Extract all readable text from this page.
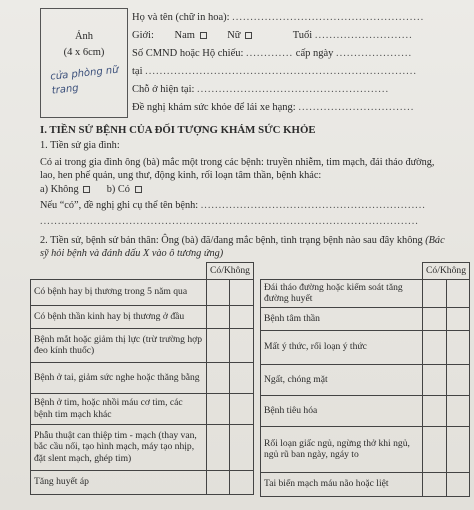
Ảnh
(4 x 6cm)
cửa phòng nữ trang
Họ và tên (chữ in hoa): .....................................................
Giới: Nam	Nữ	Tuổi ...........................
Số CMND hoặc Hộ chiếu: ............. cấp ngày .....................
tại ...........................................................................
Chỗ ở hiện tại: .....................................................
Đề nghị khám sức khỏe để lái xe hạng: ................................
I. TIỀN SỬ BỆNH CỦA ĐỐI TƯỢNG KHÁM SỨC KHỎE
1. Tiền sử gia đình:
Có ai trong gia đình ông (bà) mắc một trong các bệnh: truyền nhiễm, tim mạch, đái tháo đường, lao, hen phế quản, ung thư, động kinh, rối loạn tâm thần, bệnh khác:
a) Không	b) Có
Nếu “có”, đề nghị ghi cụ thể tên bệnh: ...............................................................
..........................................................................................................
2. Tiền sử, bệnh sử bản thân: Ông (bà) đã/đang mắc bệnh, tình trạng bệnh nào sau đây không (Bác sỹ hỏi bệnh và đánh dấu X vào ô tương ứng)
	Có/Không	
Có bệnh hay bị thương trong 5 năm qua		
Có bệnh thần kinh hay bị thương ở đầu		
Bệnh mắt hoặc giảm thị lực (trừ trường hợp đeo kính thuốc)		
Bệnh ở tai, giảm sức nghe hoặc thăng bằng		
Bệnh ở tim, hoặc nhồi máu cơ tim, các bệnh tim mạch khác		
Phẫu thuật can thiệp tim - mạch (thay van, bắc cầu nối, tạo hình mạch, máy tạo nhịp, đặt slent mạch, ghép tim)		
Tăng huyết áp		
	Có/Không	
Đái tháo đường hoặc kiểm soát tăng đường huyết		
Bệnh tâm thần		
Mất ý thức, rối loạn ý thức		
Ngất, chóng mặt		
Bệnh tiêu hóa		
Rối loạn giấc ngủ, ngừng thở khi ngủ, ngủ rũ ban ngày, ngáy to		
Tai biến mạch máu não hoặc liệt		
